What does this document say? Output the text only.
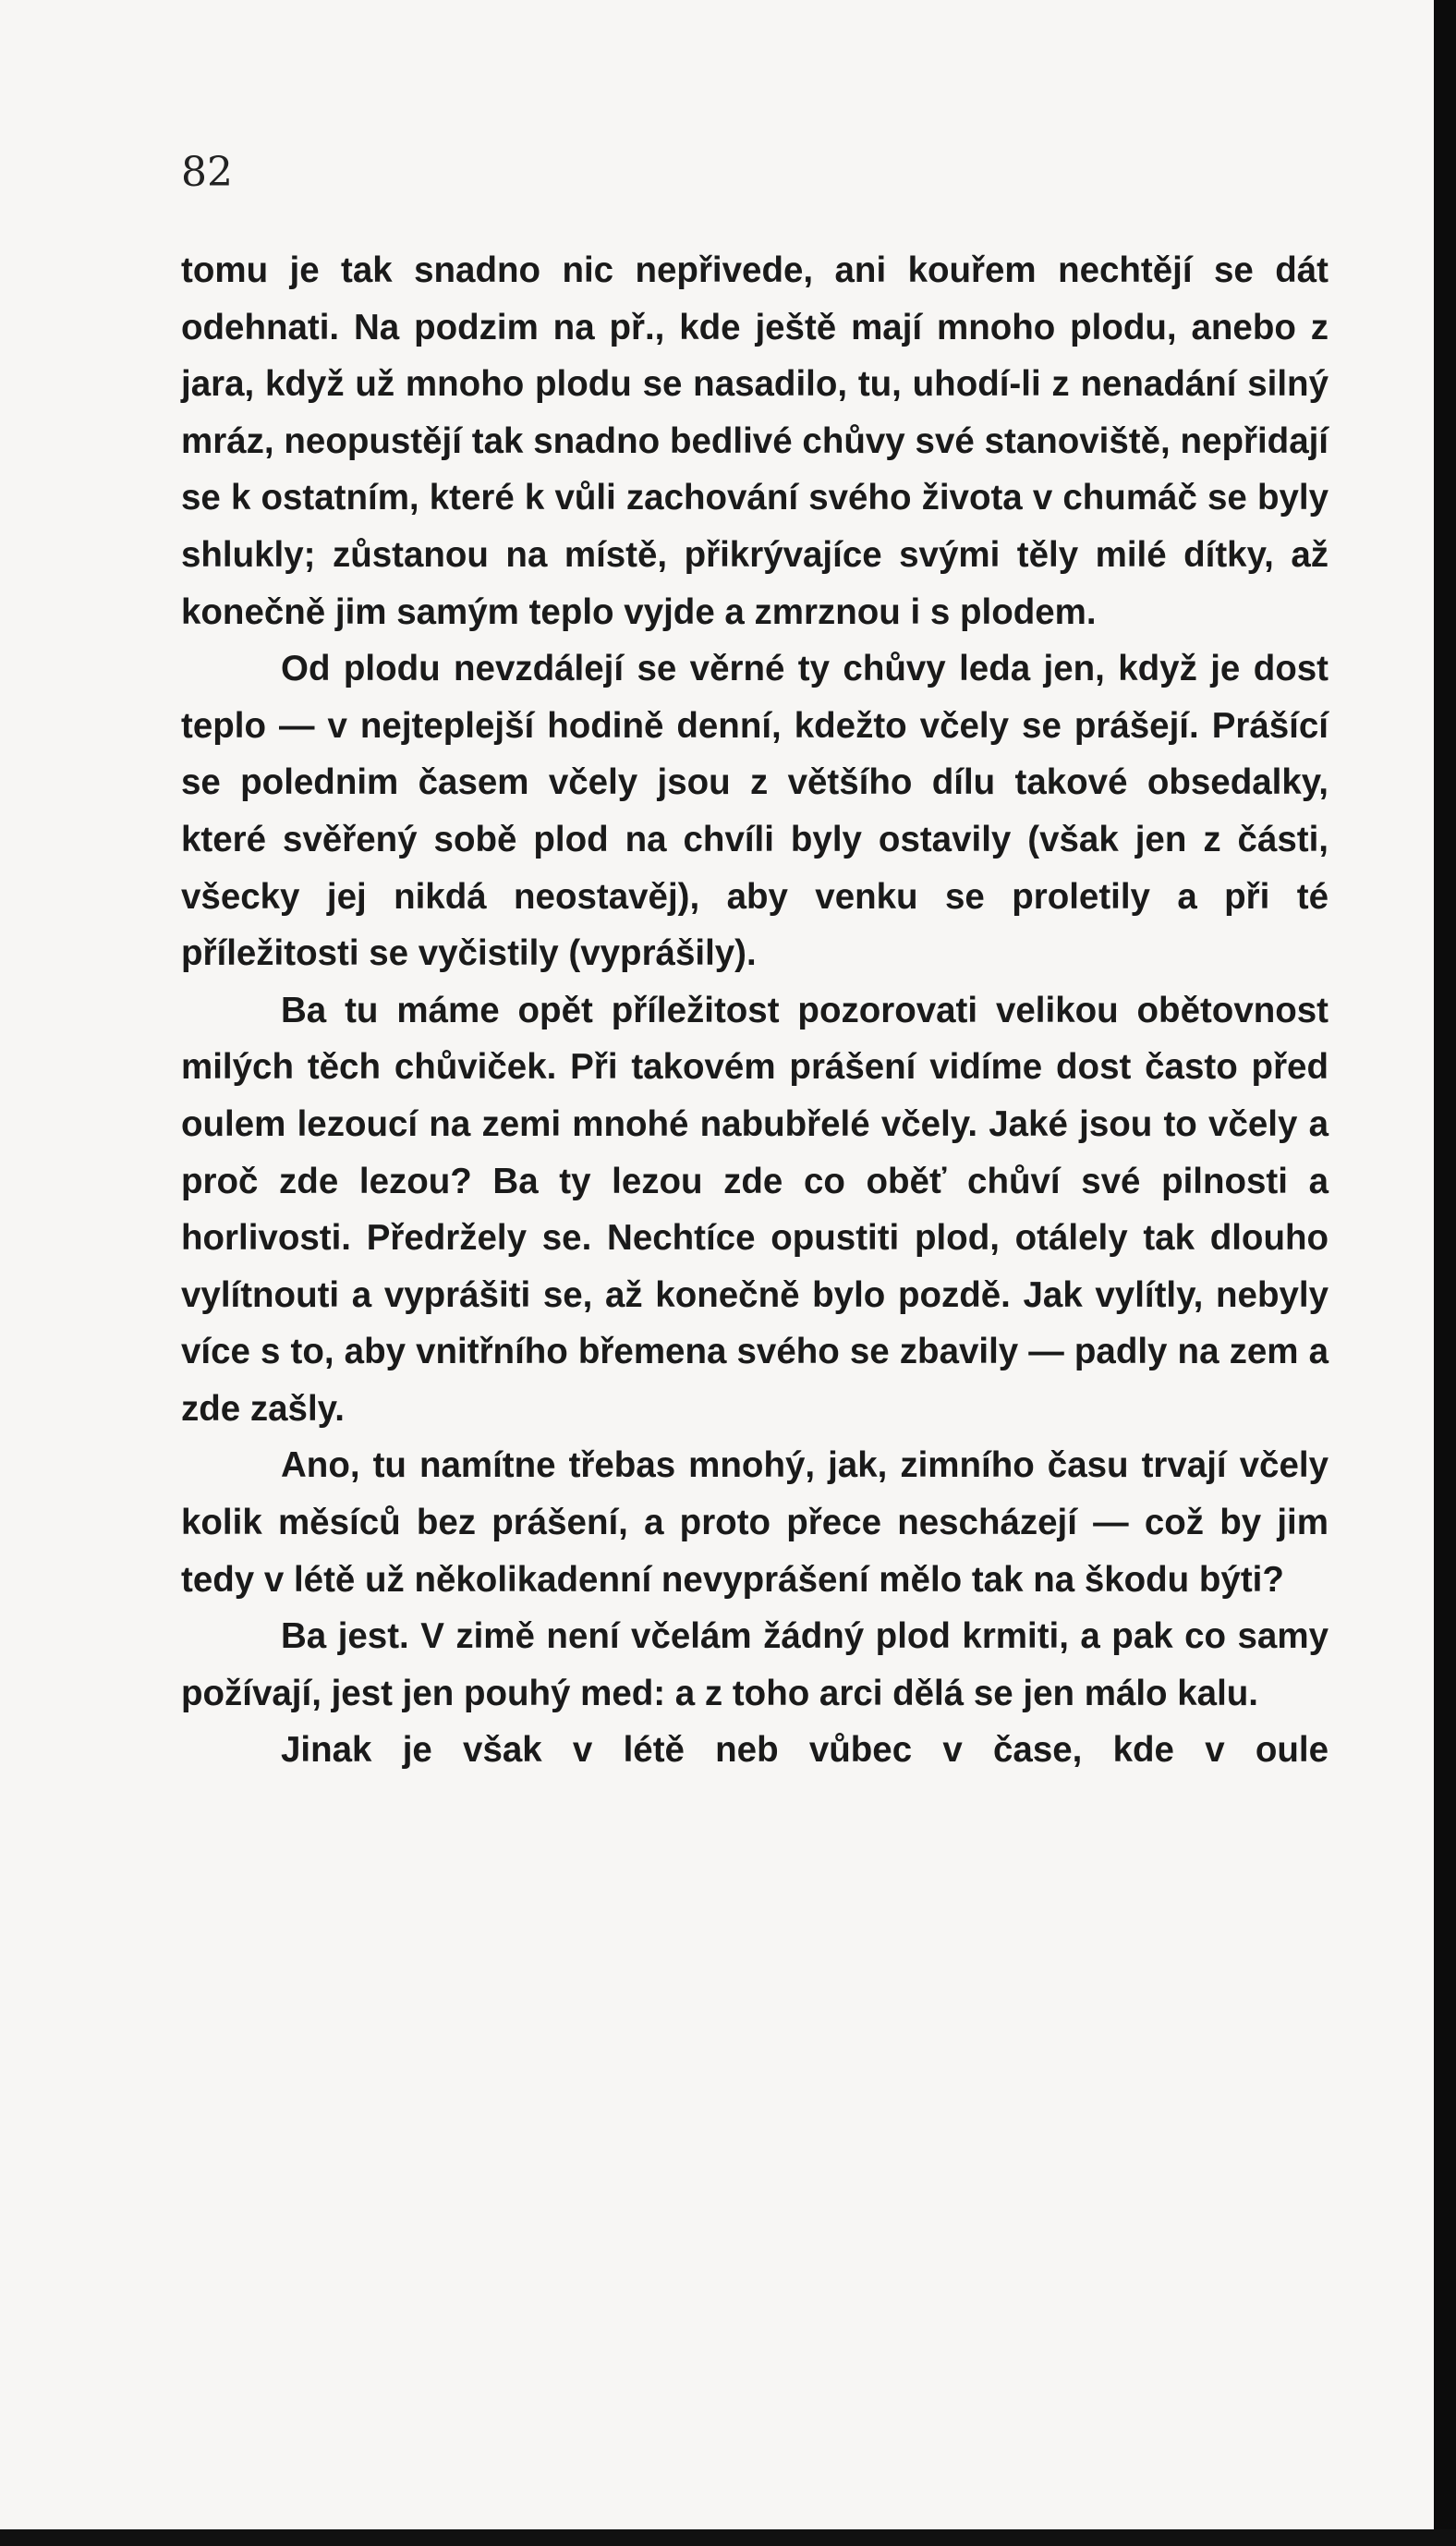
82

tomu je tak snadno nic nepřivede, ani kouřem nechtějí se dát odehnati. Na podzim na př., kde ještě mají mnoho plodu, anebo z jara, když už mnoho plodu se nasadilo, tu, uhodí-li z nenadání silný mráz, neopustějí tak snadno bedlivé chůvy své stanoviště, nepřidají se k ostatním, které k vůli zachování svého života v chumáč se byly shlukly; zůstanou na místě, přikrývajíce svými těly milé dítky, až konečně jim samým teplo vyjde a zmrznou i s plodem.

Od plodu nevzdálejí se věrné ty chůvy leda jen, když je dost teplo — v nejteplejší hodině denní, kdežto včely se prášejí. Prášící se polednim časem včely jsou z většího dílu takové obsedalky, které svěřený sobě plod na chvíli byly ostavily (však jen z části, všecky jej nikdá neostavěj), aby venku se proletily a při té příležitosti se vyčistily (vyprášily).

Ba tu máme opět příležitost pozorovati velikou obětovnost milých těch chůviček. Při takovém prášení vidíme dost často před oulem lezoucí na zemi mnohé nabubřelé včely. Jaké jsou to včely a proč zde lezou? Ba ty lezou zde co oběť chůví své pilnosti a horlivosti. Předržely se. Nechtíce opustiti plod, otálely tak dlouho vylítnouti a vyprášiti se, až konečně bylo pozdě. Jak vylítly, nebyly více s to, aby vnitřního břemena svého se zbavily — padly na zem a zde zašly.

Ano, tu namítne třebas mnohý, jak, zimního času trvají včely kolik měsíců bez prášení, a proto přece nescházejí — což by jim tedy v létě už několikadenní nevyprášení mělo tak na škodu býti?

Ba jest. V zimě není včelám žádný plod krmiti, a pak co samy požívají, jest jen pouhý med: a z toho arci dělá se jen málo kalu.

Jinak je však v létě neb vůbec v čase, kde v oule
